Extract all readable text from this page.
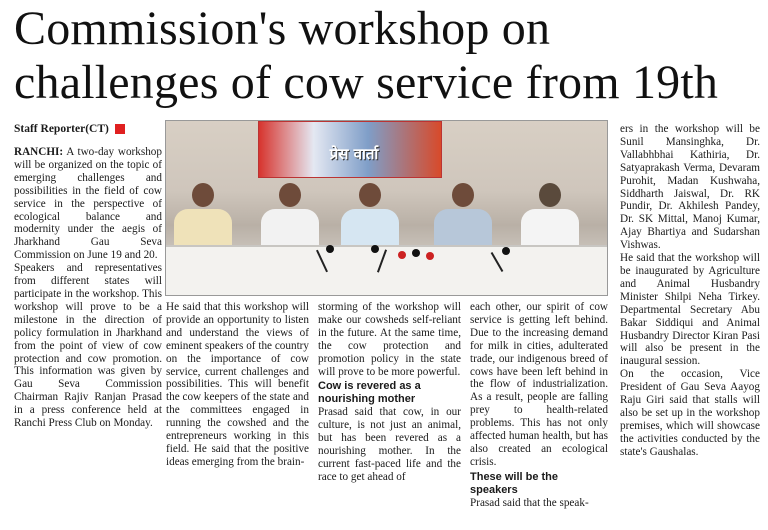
Commission's workshop on challenges of cow service from 19th
Staff Reporter(CT)

RANCHI: A two-day workshop will be organized on the topic of emerging challenges and possibilities in the field of cow service in the perspective of ecological balance and modernity under the aegis of Jharkhand Gau Seva Commission on June 19 and 20.

Speakers and representatives from different states will participate in the workshop. This workshop will prove to be a milestone in the direction of policy formulation in Jharkhand from the point of view of cow protection and cow promotion. This information was given by Gau Seva Commission Chairman Rajiv Ranjan Prasad in a press conference held at Ranchi Press Club on Monday.

प्रेस वार्ता

He said that this workshop will provide an opportunity to listen and understand the views of eminent speakers of the country on the importance of cow service, current challenges and possibilities. This will benefit the cow keepers of the state and the committees engaged in running the cowshed and the entrepreneurs working in this field. He said that the positive ideas emerging from the brain-

storming of the workshop will make our cowsheds self-reliant in the future. At the same time, the cow protection and promotion policy in the state will prove to be more powerful.

Cow is revered as a nourishing mother

Prasad said that cow, in our culture, is not just an animal, but has been revered as a nourishing mother. In the current fast-paced life and the race to get ahead of

each other, our spirit of cow service is getting left behind. Due to the increasing demand for milk in cities, adulterated trade, our indigenous breed of cows have been left behind in the flow of industrialization. As a result, people are falling prey to health-related problems. This has not only affected human health, but has also created an ecological crisis.

These will be the speakers

Prasad said that the speak-

ers in the workshop will be Sunil Mansinghka, Dr. Vallabhbhai Kathiria, Dr. Satyaprakash Verma, Devaram Purohit, Madan Kushwaha, Siddharth Jaiswal, Dr. RK Pundir, Dr. Akhilesh Pandey, Dr. SK Mittal, Manoj Kumar, Ajay Bhartiya and Sudarshan Vishwas.

He said that the workshop will be inaugurated by Agriculture and Animal Husbandry Minister Shilpi Neha Tirkey. Departmental Secretary Abu Bakar Siddiqui and Animal Husbandry Director Kiran Pasi will also be present in the inaugural session.

On the occasion, Vice President of Gau Seva Aayog Raju Giri said that stalls will also be set up in the workshop premises, which will showcase the activities conducted by the state's Gaushalas.
